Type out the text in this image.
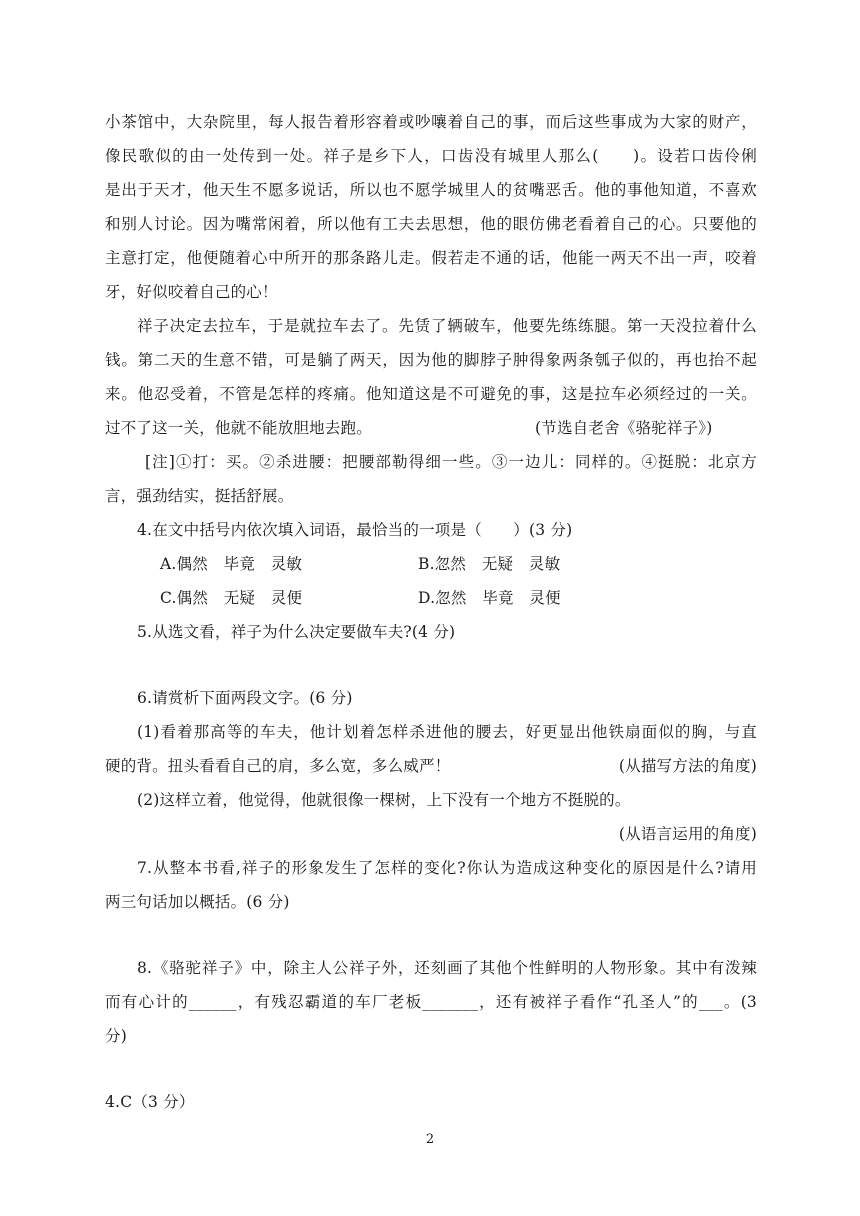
小茶馆中，大杂院里，每人报告着形容着或吵嚷着自己的事，而后这些事成为大家的财产，
像民歌似的由一处传到一处。祥子是乡下人，口齿没有城里人那么(　　)。设若口齿伶俐
是出于天才，他天生不愿多说话，所以也不愿学城里人的贫嘴恶舌。他的事他知道，不喜欢
和别人讨论。因为嘴常闲着，所以他有工夫去思想，他的眼仿佛老看着自己的心。只要他的
主意打定，他便随着心中所开的那条路儿走。假若走不通的话，他能一两天不出一声，咬着
牙，好似咬着自己的心！
祥子决定去拉车，于是就拉车去了。先赁了辆破车，他要先练练腿。第一天没拉着什么
钱。第二天的生意不错，可是躺了两天，因为他的脚脖子肿得象两条瓠子似的，再也抬不起
来。他忍受着，不管是怎样的疼痛。他知道这是不可避免的事，这是拉车必须经过的一关。
过不了这一关，他就不能放胆地去跑。	(节选自老舍《骆驼祥子》)
[注]①打：买。②杀进腰：把腰部勒得细一些。③一边儿：同样的。④挺脱：北京方
言，强劲结实，挺括舒展。
4.在文中括号内依次填入词语，最恰当的一项是（　　）(3 分)
A.偶然　毕竟　灵敏	B.忽然　无疑　灵敏
C.偶然　无疑　灵便	D.忽然　毕竟　灵便
5.从选文看，祥子为什么决定要做车夫?(4 分)
6.请赏析下面两段文字。(6 分)
(1)看着那高等的车夫，他计划着怎样杀进他的腰去，好更显出他铁扇面似的胸，与直
硬的背。扭头看看自己的肩，多么宽，多么威严！	(从描写方法的角度)
(2)这样立着，他觉得，他就很像一棵树，上下没有一个地方不挺脱的。
(从语言运用的角度)
7.从整本书看,祥子的形象发生了怎样的变化?你认为造成这种变化的原因是什么?请用
两三句话加以概括。(6 分)
8.《骆驼祥子》中，除主人公祥子外，还刻画了其他个性鲜明的人物形象。其中有泼辣
而有心计的______，有残忍霸道的车厂老板_______，还有被祥子看作“孔圣人”的___。(3
分)
4.C（3 分）
2
